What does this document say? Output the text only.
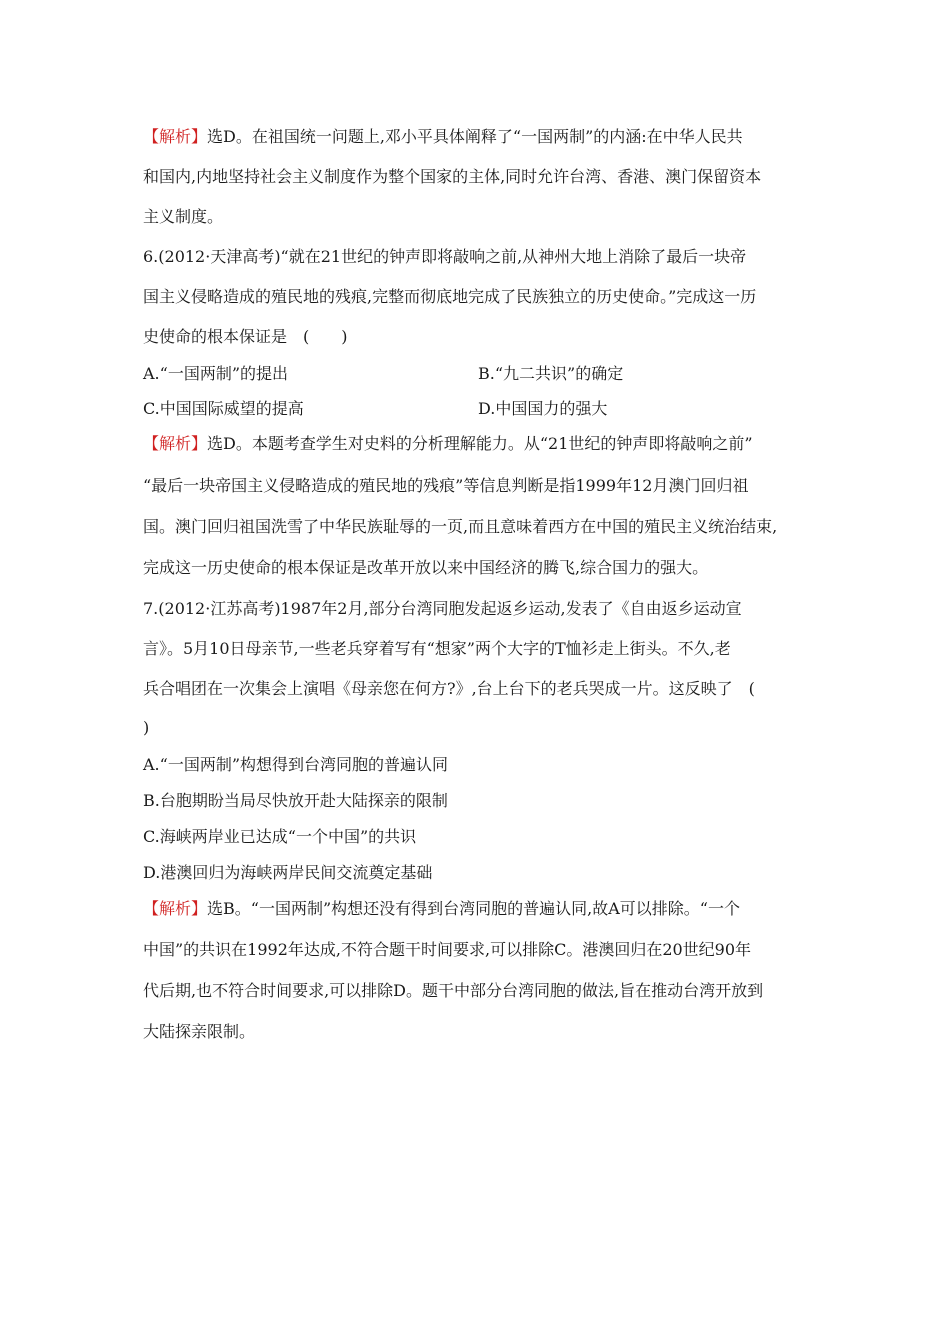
【解析】选D。在祖国统一问题上,邓小平具体阐释了“一国两制”的内涵:在中华人民共
和国内,内地坚持社会主义制度作为整个国家的主体,同时允许台湾、香港、澳门保留资本
主义制度。
6.(2012·天津高考)“就在21世纪的钟声即将敲响之前,从神州大地上消除了最后一块帝
国主义侵略造成的殖民地的残痕,完整而彻底地完成了民族独立的历史使命。”完成这一历
史使命的根本保证是　(　　)
A.“一国两制”的提出	B.“九二共识”的确定
C.中国国际威望的提高	D.中国国力的强大
【解析】选D。本题考查学生对史料的分析理解能力。从“21世纪的钟声即将敲响之前”
“最后一块帝国主义侵略造成的殖民地的残痕”等信息判断是指1999年12月澳门回归祖
国。澳门回归祖国洗雪了中华民族耻辱的一页,而且意味着西方在中国的殖民主义统治结束,
完成这一历史使命的根本保证是改革开放以来中国经济的腾飞,综合国力的强大。
7.(2012·江苏高考)1987年2月,部分台湾同胞发起返乡运动,发表了《自由返乡运动宣
言》。5月10日母亲节,一些老兵穿着写有“想家”两个大字的T恤衫走上街头。不久,老
兵合唱团在一次集会上演唱《母亲您在何方?》,台上台下的老兵哭成一片。这反映了　(
)
A.“一国两制”构想得到台湾同胞的普遍认同
B.台胞期盼当局尽快放开赴大陆探亲的限制
C.海峡两岸业已达成“一个中国”的共识
D.港澳回归为海峡两岸民间交流奠定基础
【解析】选B。“一国两制”构想还没有得到台湾同胞的普遍认同,故A可以排除。“一个
中国”的共识在1992年达成,不符合题干时间要求,可以排除C。港澳回归在20世纪90年
代后期,也不符合时间要求,可以排除D。题干中部分台湾同胞的做法,旨在推动台湾开放到
大陆探亲限制。
